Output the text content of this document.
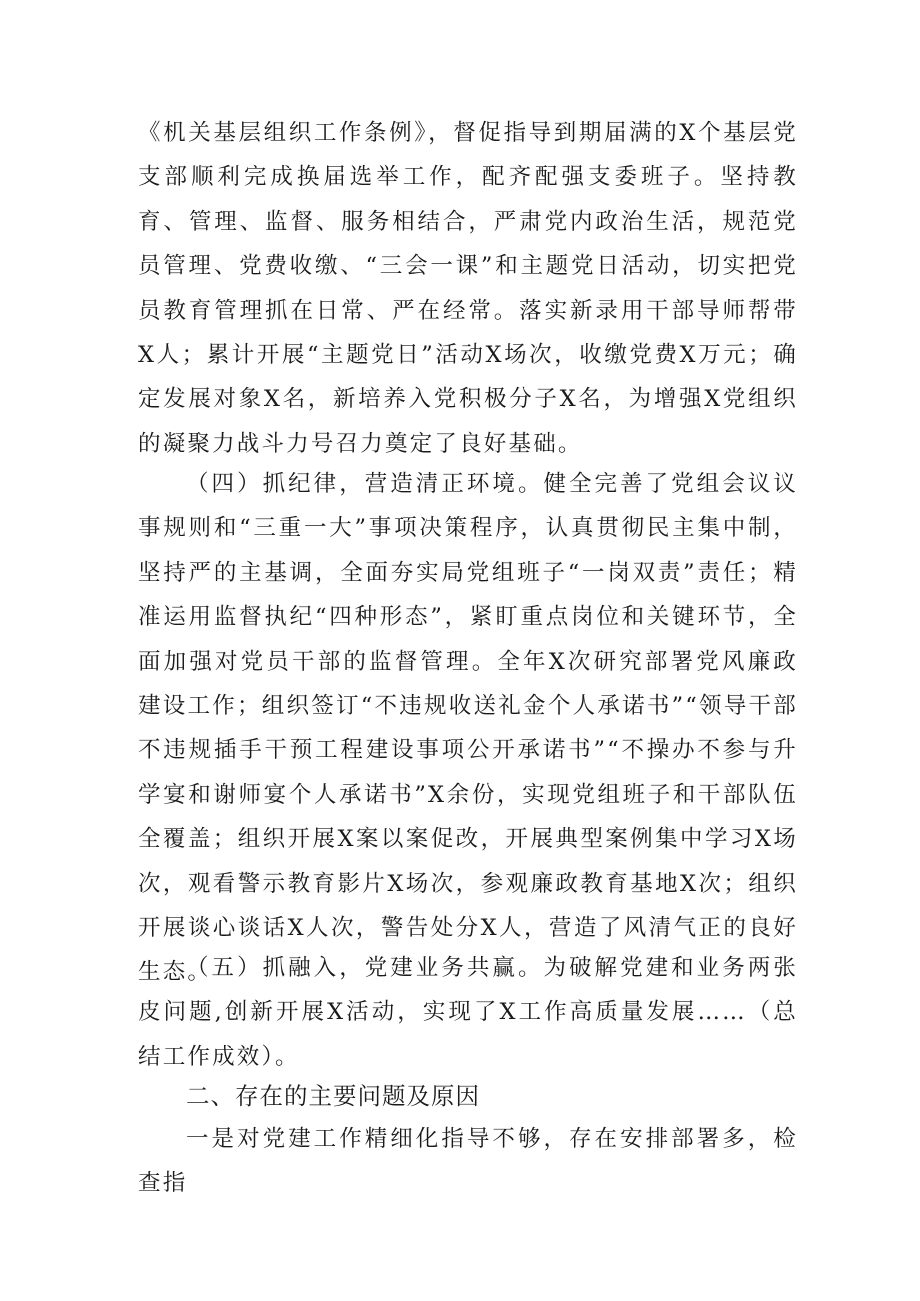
《机关基层组织工作条例》，督促指导到期届满的X个基层党支部顺利完成换届选举工作，配齐配强支委班子。坚持教育、管理、监督、服务相结合，严肃党内政治生活，规范党员管理、党费收缴、“三会一课”和主题党日活动，切实把党员教育管理抓在日常、严在经常。落实新录用干部导师帮带X人；累计开展“主题党日”活动X场次，收缴党费X万元；确定发展对象X名，新培养入党积极分子X名，为增强X党组织的凝聚力战斗力号召力奠定了良好基础。

（四）抓纪律，营造清正环境。健全完善了党组会议议事规则和“三重一大”事项决策程序，认真贯彻民主集中制，坚持严的主基调，全面夯实局党组班子“一岗双责”责任；精准运用监督执纪“四种形态”，紧盯重点岗位和关键环节，全面加强对党员干部的监督管理。全年X次研究部署党风廉政建设工作；组织签订“不违规收送礼金个人承诺书”“领导干部不违规插手干预工程建设事项公开承诺书”“不操办不参与升学宴和谢师宴个人承诺书”X余份，实现党组班子和干部队伍全覆盖；组织开展X案以案促改，开展典型案例集中学习X场次，观看警示教育影片X场次，参观廉政教育基地X次；组织开展谈心谈话X人次，警告处分X人，营造了风清气正的良好生态。

（五）抓融入，党建业务共赢。为破解党建和业务两张皮问题,创新开展X活动，实现了X工作高质量发展……（总结工作成效）。

二、存在的主要问题及原因

一是对党建工作精细化指导不够，存在安排部署多，检查指
